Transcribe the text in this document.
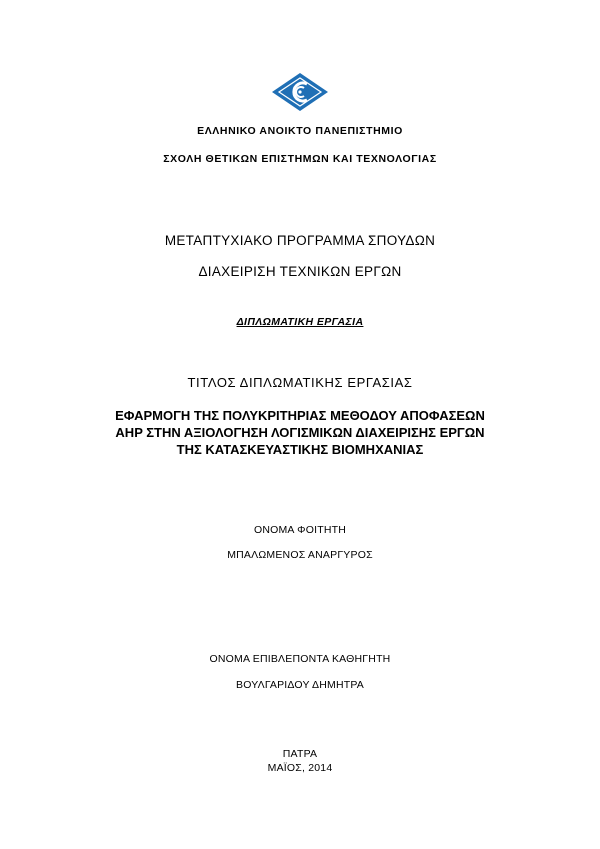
ΕΛΛΗΝΙΚΟ ΑΝΟΙΚΤΟ ΠΑΝΕΠΙΣΤΗΜΙΟ
ΣΧΟΛΗ ΘΕΤΙΚΩΝ ΕΠΙΣΤΗΜΩΝ ΚΑΙ ΤΕΧΝΟΛΟΓΙΑΣ
ΜΕΤΑΠΤΥΧΙΑΚΟ ΠΡΟΓΡΑΜΜΑ ΣΠΟΥΔΩΝ
ΔΙΑΧΕΙΡΙΣΗ ΤΕΧΝΙΚΩΝ ΕΡΓΩΝ
ΔΙΠΛΩΜΑΤΙΚΗ ΕΡΓΑΣΙΑ
ΤΙΤΛΟΣ ΔΙΠΛΩΜΑΤΙΚΗΣ ΕΡΓΑΣΙΑΣ
ΕΦΑΡΜΟΓΗ ΤΗΣ ΠΟΛΥΚΡΙΤΗΡΙΑΣ ΜΕΘΟΔΟΥ ΑΠΟΦΑΣΕΩΝ
AHP ΣΤΗΝ ΑΞΙΟΛΟΓΗΣΗ ΛΟΓΙΣΜΙΚΩΝ ΔΙΑΧΕΙΡΙΣΗΣ ΕΡΓΩΝ
ΤΗΣ ΚΑΤΑΣΚΕΥΑΣΤΙΚΗΣ ΒΙΟΜΗΧΑΝΙΑΣ
ΟΝΟΜΑ ΦΟΙΤΗΤΗ
ΜΠΑΛΩΜΕΝΟΣ ΑΝΑΡΓΥΡΟΣ
ΟΝΟΜΑ ΕΠΙΒΛΕΠΟΝΤΑ ΚΑΘΗΓΗΤΗ
ΒΟΥΛΓΑΡΙΔΟΥ ΔΗΜΗΤΡΑ
ΠΑΤΡΑ
ΜΑΪΟΣ, 2014
